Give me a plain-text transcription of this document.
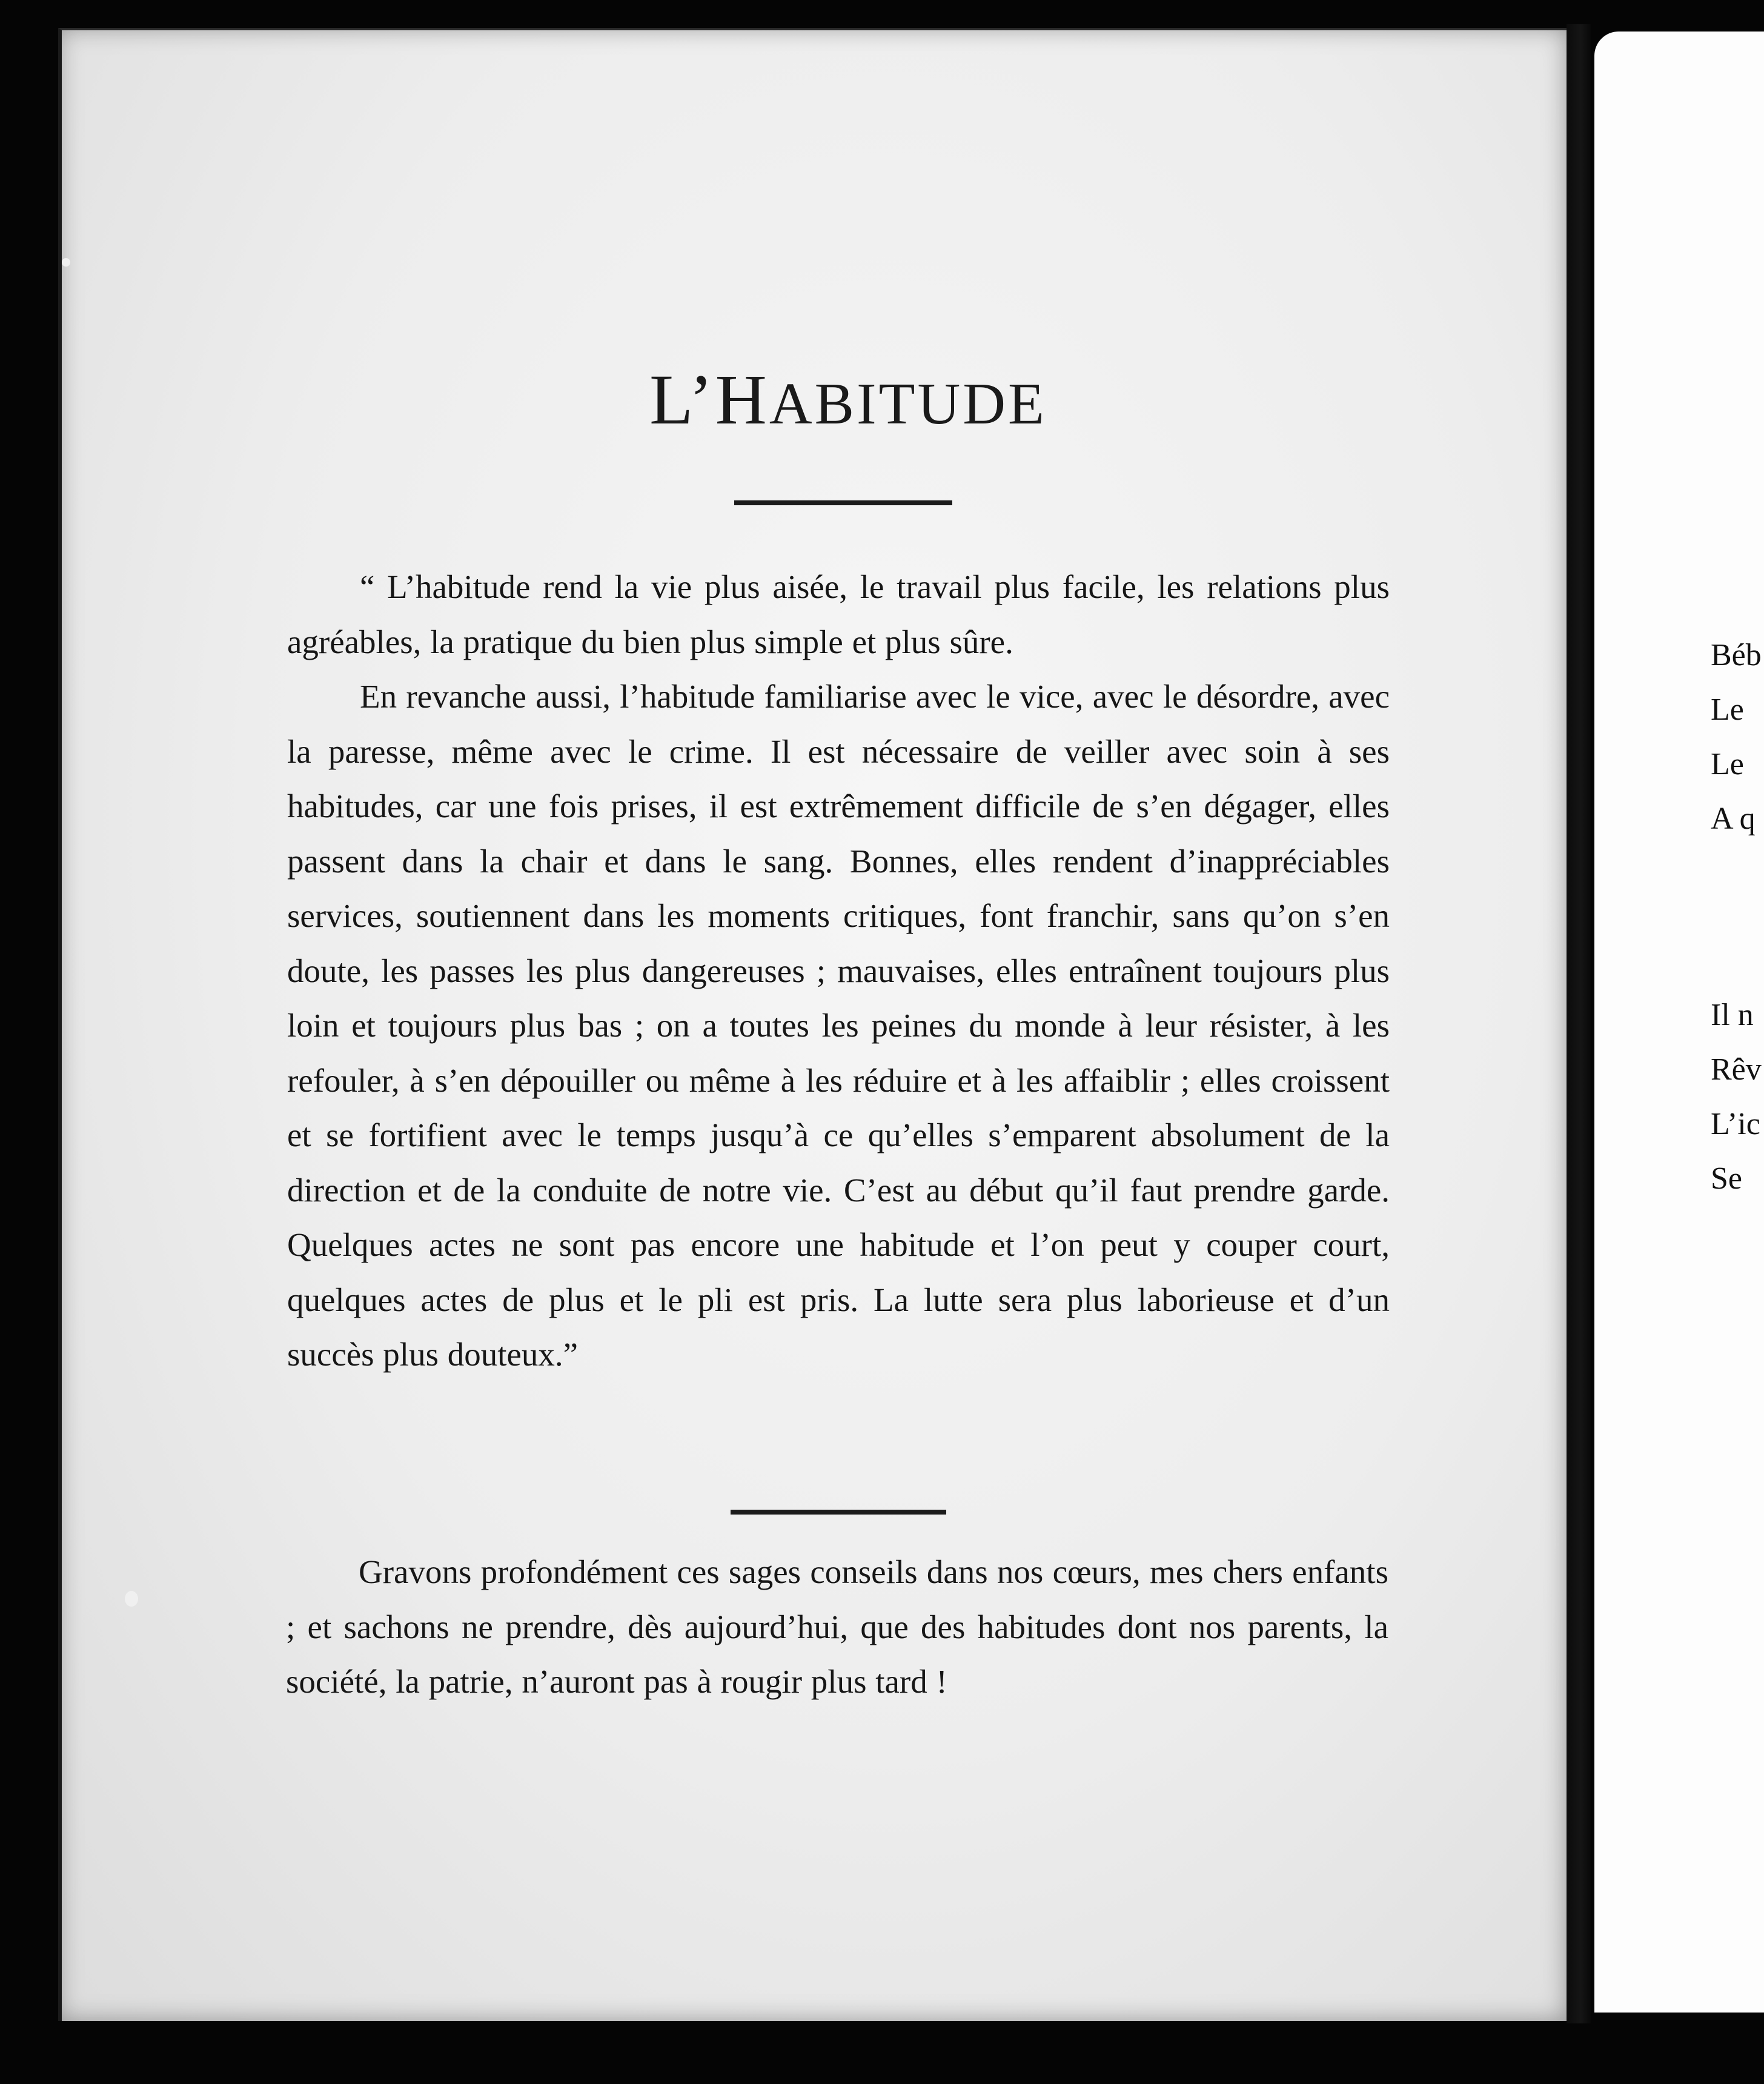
L’HABITUDE

“ L’habitude rend la vie plus aisée, le travail plus facile, les relations plus agréables, la pratique du bien plus simple et plus sûre.

En revanche aussi, l’habitude familiarise avec le vice, avec le désordre, avec la paresse, même avec le crime. Il est nécessaire de veiller avec soin à ses habitudes, car une fois prises, il est extrêmement difficile de s’en dégager, elles passent dans la chair et dans le sang. Bonnes, elles rendent d’inappréciables services, soutiennent dans les moments critiques, font franchir, sans qu’on s’en doute, les passes les plus dangereuses ; mauvaises, elles entraînent toujours plus loin et toujours plus bas ; on a toutes les peines du monde à leur résister, à les refouler, à s’en dépouiller ou même à les réduire et à les affaiblir ; elles croissent et se fortifient avec le temps jusqu’à ce qu’elles s’emparent absolument de la direction et de la conduite de notre vie. C’est au début qu’il faut prendre garde. Quelques actes ne sont pas encore une habitude et l’on peut y couper court, quelques actes de plus et le pli est pris. La lutte sera plus laborieuse et d’un succès plus douteux.”

Gravons profondément ces sages conseils dans nos cœurs, mes chers enfants ; et sachons ne prendre, dès aujourd’hui, que des habitudes dont nos parents, la société, la patrie, n’auront pas à rougir plus tard !

Béb
Le
Le
A q
Il n
Rêv
L’ic
Se
